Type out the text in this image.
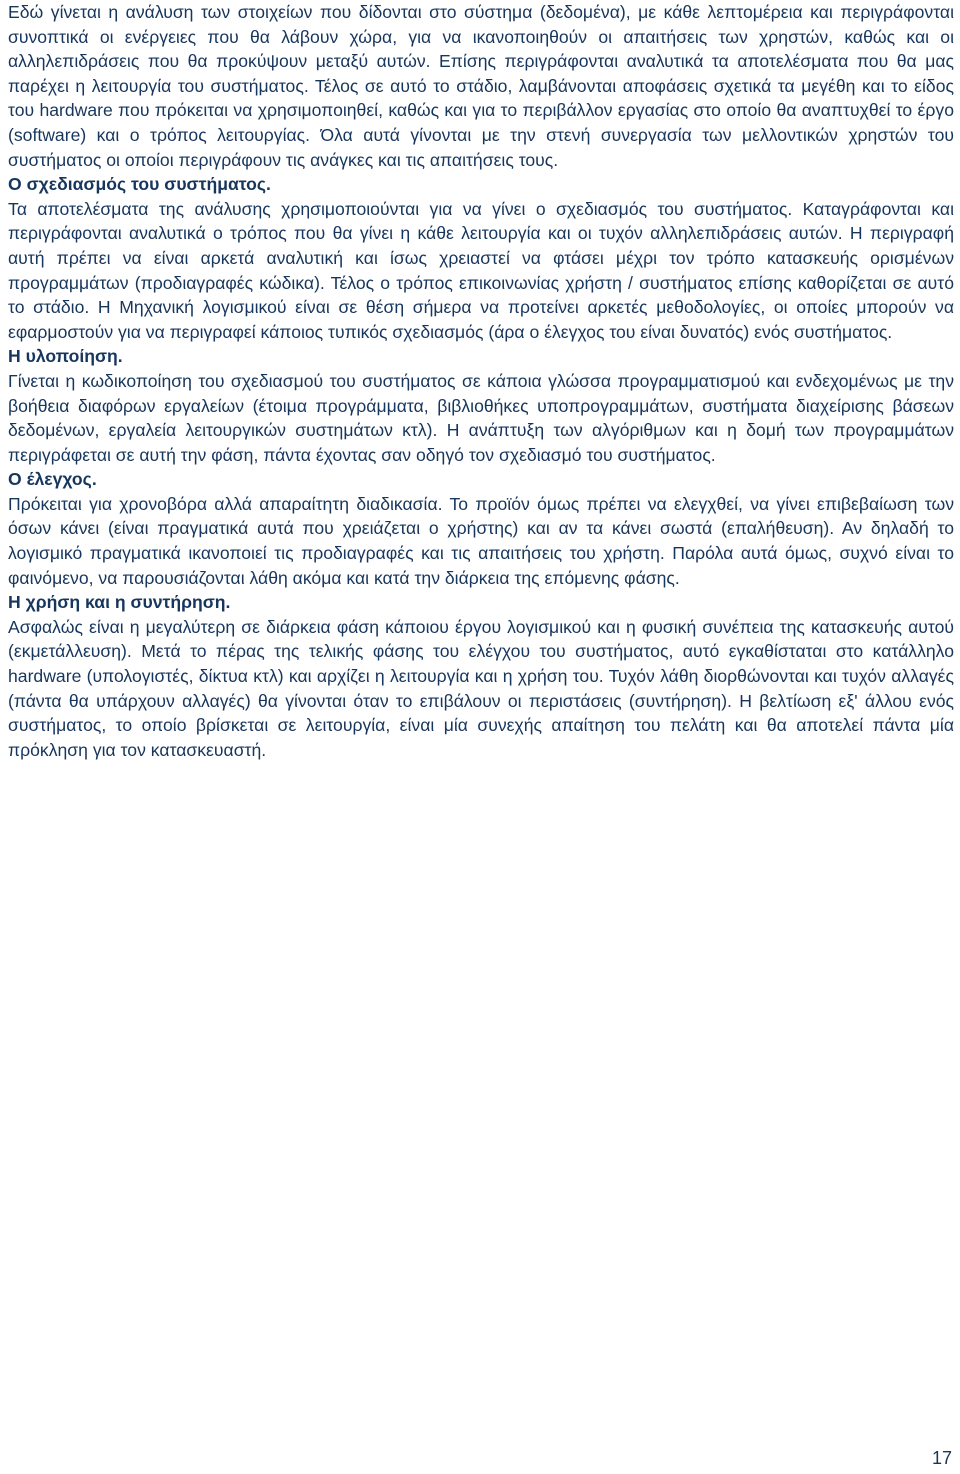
Εδώ γίνεται η ανάλυση των στοιχείων που δίδονται στο σύστημα (δεδομένα), με κάθε λεπτομέρεια και περιγράφονται συνοπτικά οι ενέργειες που θα λάβουν χώρα, για να ικανοποιηθούν οι απαιτήσεις των χρηστών, καθώς και οι αλληλεπιδράσεις που θα προκύψουν μεταξύ αυτών. Επίσης περιγράφονται αναλυτικά τα αποτελέσματα που θα μας παρέχει η λειτουργία του συστήματος. Τέλος σε αυτό το στάδιο, λαμβάνονται αποφάσεις σχετικά τα μεγέθη και το είδος του hardware που πρόκειται να χρησιμοποιηθεί, καθώς και για το περιβάλλον εργασίας στο οποίο θα αναπτυχθεί το έργο (software) και ο τρόπος λειτουργίας. Όλα αυτά γίνονται με την στενή συνεργασία των μελλοντικών χρηστών του συστήματος οι οποίοι περιγράφουν τις ανάγκες και τις απαιτήσεις τους.

Ο σχεδιασμός του συστήματος.

Τα αποτελέσματα της ανάλυσης χρησιμοποιούνται για να γίνει ο σχεδιασμός του συστήματος. Καταγράφονται και περιγράφονται αναλυτικά ο τρόπος που θα γίνει η κάθε λειτουργία και οι τυχόν αλληλεπιδράσεις αυτών. Η περιγραφή αυτή πρέπει να είναι αρκετά αναλυτική και ίσως χρειαστεί να φτάσει μέχρι τον τρόπο κατασκευής ορισμένων προγραμμάτων (προδιαγραφές κώδικα). Τέλος ο τρόπος επικοινωνίας χρήστη / συστήματος επίσης καθορίζεται σε αυτό το στάδιο. Η Μηχανική λογισμικού είναι σε θέση σήμερα να προτείνει αρκετές μεθοδολογίες, οι οποίες μπορούν να εφαρμοστούν για να περιγραφεί κάποιος τυπικός σχεδιασμός (άρα ο έλεγχος του είναι δυνατός) ενός συστήματος.

Η υλοποίηση.

Γίνεται η κωδικοποίηση του σχεδιασμού του συστήματος σε κάποια γλώσσα προγραμματισμού και ενδεχομένως με την βοήθεια διαφόρων εργαλείων (έτοιμα προγράμματα, βιβλιοθήκες υποπρογραμμάτων, συστήματα διαχείρισης βάσεων δεδομένων, εργαλεία λειτουργικών συστημάτων κτλ). Η ανάπτυξη των αλγόριθμων και η δομή των προγραμμάτων περιγράφεται σε αυτή την φάση, πάντα έχοντας σαν οδηγό τον σχεδιασμό του συστήματος.

Ο έλεγχος.

Πρόκειται για χρονοβόρα αλλά απαραίτητη διαδικασία. Το προϊόν όμως πρέπει να ελεγχθεί, να γίνει επιβεβαίωση των όσων κάνει (είναι πραγματικά αυτά που χρειάζεται ο χρήστης) και αν τα κάνει σωστά (επαλήθευση). Αν δηλαδή το λογισμικό πραγματικά ικανοποιεί τις προδιαγραφές και τις απαιτήσεις του χρήστη. Παρόλα αυτά όμως, συχνό είναι το φαινόμενο, να παρουσιάζονται λάθη ακόμα και κατά την διάρκεια της επόμενης φάσης.

Η χρήση και η συντήρηση.

Ασφαλώς είναι η μεγαλύτερη σε διάρκεια φάση κάποιου έργου λογισμικού και η φυσική συνέπεια της κατασκευής αυτού (εκμετάλλευση). Μετά το πέρας της τελικής φάσης του ελέγχου του συστήματος, αυτό εγκαθίσταται στο κατάλληλο hardware (υπολογιστές, δίκτυα κτλ) και αρχίζει η λειτουργία και η χρήση του. Τυχόν λάθη διορθώνονται και τυχόν αλλαγές (πάντα θα υπάρχουν αλλαγές) θα γίνονται όταν το επιβάλουν οι περιστάσεις (συντήρηση). Η βελτίωση εξ' άλλου ενός συστήματος, το οποίο βρίσκεται σε λειτουργία, είναι μία συνεχής απαίτηση του πελάτη και θα αποτελεί πάντα μία πρόκληση για τον κατασκευαστή.

17
